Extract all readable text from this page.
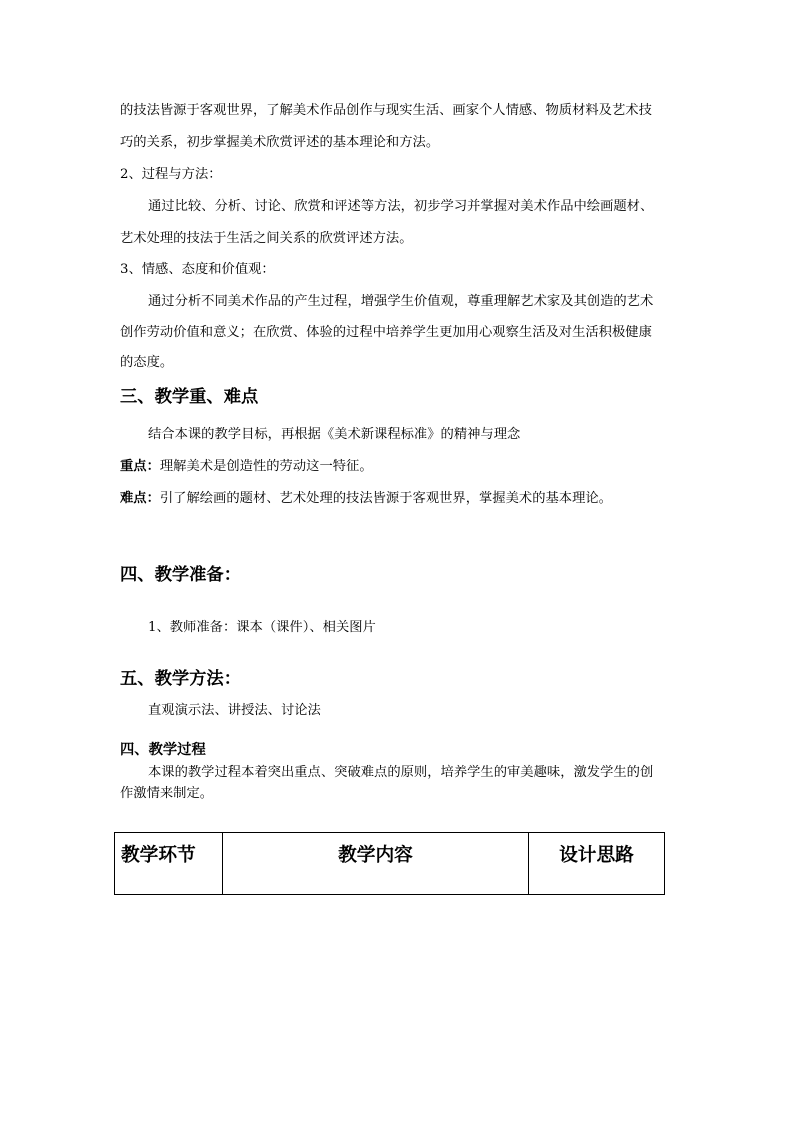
的技法皆源于客观世界，了解美术作品创作与现实生活、画家个人情感、物质材料及艺术技
巧的关系，初步掌握美术欣赏评述的基本理论和方法。
2、过程与方法：
通过比较、分析、讨论、欣赏和评述等方法，初步学习并掌握对美术作品中绘画题材、
艺术处理的技法于生活之间关系的欣赏评述方法。
3、情感、态度和价值观：
通过分析不同美术作品的产生过程，增强学生价值观，尊重理解艺术家及其创造的艺术
创作劳动价值和意义；在欣赏、体验的过程中培养学生更加用心观察生活及对生活积极健康
的态度。
三、教学重、难点
结合本课的教学目标，再根据《美术新课程标准》的精神与理念
重点：理解美术是创造性的劳动这一特征。
难点：引了解绘画的题材、艺术处理的技法皆源于客观世界，掌握美术的基本理论。
四、教学准备：
1、教师准备：课本（课件）、相关图片
五、教学方法：
直观演示法、讲授法、讨论法
四、教学过程
本课的教学过程本着突出重点、突破难点的原则，培养学生的审美趣味，激发学生的创
作激情来制定。
教学环节	教学内容	设计思路
